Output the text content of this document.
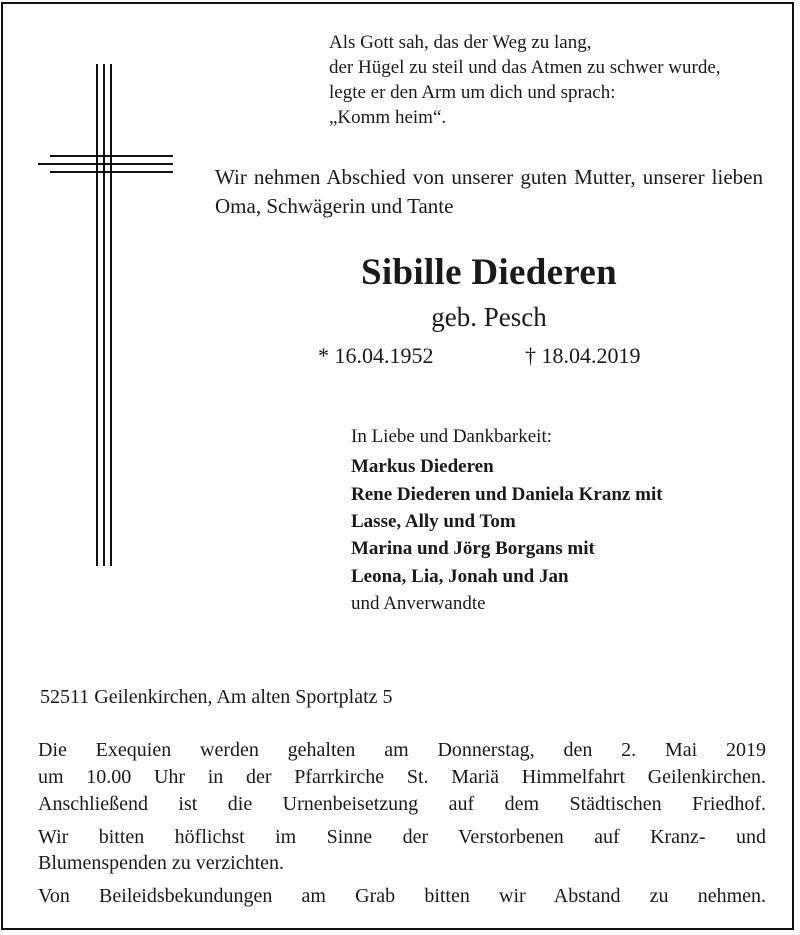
Als Gott sah, das der Weg zu lang,
der Hügel zu steil und das Atmen zu schwer wurde,
legte er den Arm um dich und sprach:
„Komm heim“.
Wir nehmen Abschied von unserer guten Mutter, unserer lieben Oma, Schwägerin und Tante
Sibille Diederen
geb. Pesch
* 16.04.1952	† 18.04.2019
In Liebe und Dankbarkeit:
Markus Diederen
Rene Diederen und Daniela Kranz mit
Lasse, Ally und Tom
Marina und Jörg Borgans mit
Leona, Lia, Jonah und Jan
und Anverwandte
52511 Geilenkirchen, Am alten Sportplatz 5
Die Exequien werden gehalten am Donnerstag, den 2. Mai 2019
um 10.00 Uhr in der Pfarrkirche St. Mariä Himmelfahrt Geilenkirchen.
Anschließend ist die Urnenbeisetzung auf dem Städtischen Friedhof.
Wir bitten höflichst im Sinne der Verstorbenen auf Kranz- und
Blumenspenden zu verzichten.
Von Beileidsbekundungen am Grab bitten wir Abstand zu nehmen.
